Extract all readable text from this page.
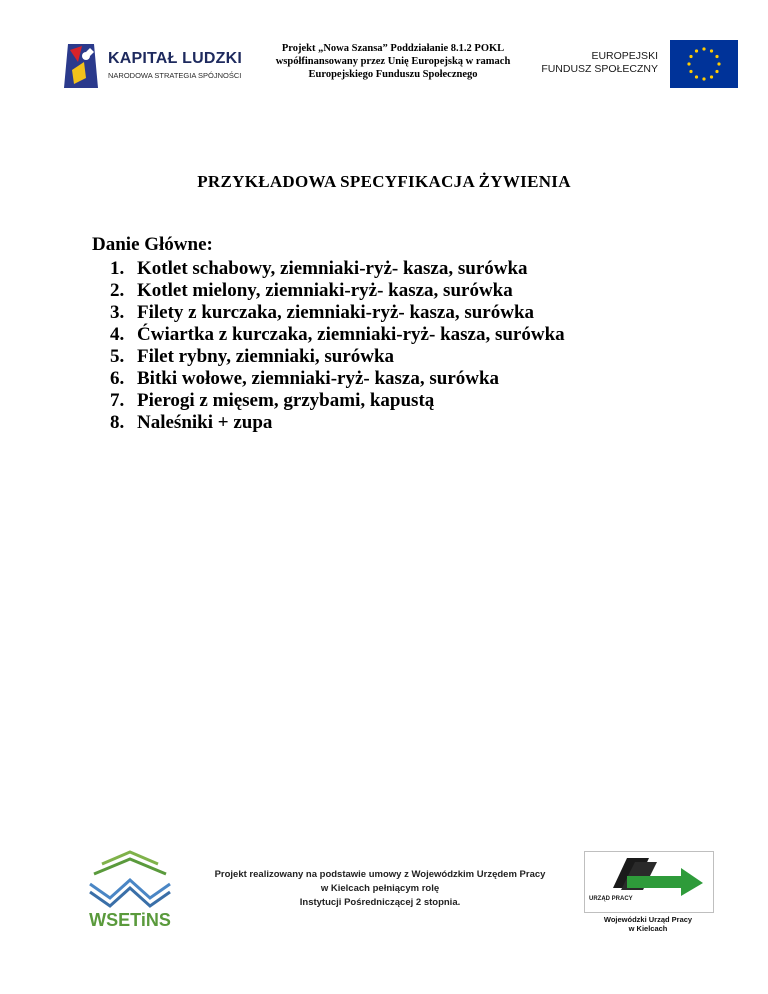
KAPITAŁ LUDZKI
NARODOWA STRATEGIA SPÓJNOŚCI
Projekt „Nowa Szansa” Poddziałanie 8.1.2 POKL
współfinansowany przez Unię Europejską w ramach
Europejskiego Funduszu Społecznego
EUROPEJSKI
FUNDUSZ SPOŁECZNY
PRZYKŁADOWA SPECYFIKACJA ŻYWIENIA
Danie Główne:
1. Kotlet schabowy, ziemniaki-ryż- kasza, surówka
2. Kotlet mielony, ziemniaki-ryż- kasza, surówka
3. Filety z kurczaka, ziemniaki-ryż- kasza, surówka
4. Ćwiartka z kurczaka, ziemniaki-ryż- kasza, surówka
5. Filet rybny, ziemniaki, surówka
6. Bitki wołowe, ziemniaki-ryż- kasza, surówka
7. Pierogi z mięsem, grzybami, kapustą
8. Naleśniki + zupa
WSETiNS
Projekt realizowany na podstawie umowy z Wojewódzkim Urzędem Pracy
w Kielcach pełniącym rolę
Instytucji Pośredniczącej 2 stopnia.	URZĄD PRACY
Wojewódzki Urząd Pracy
w Kielcach
